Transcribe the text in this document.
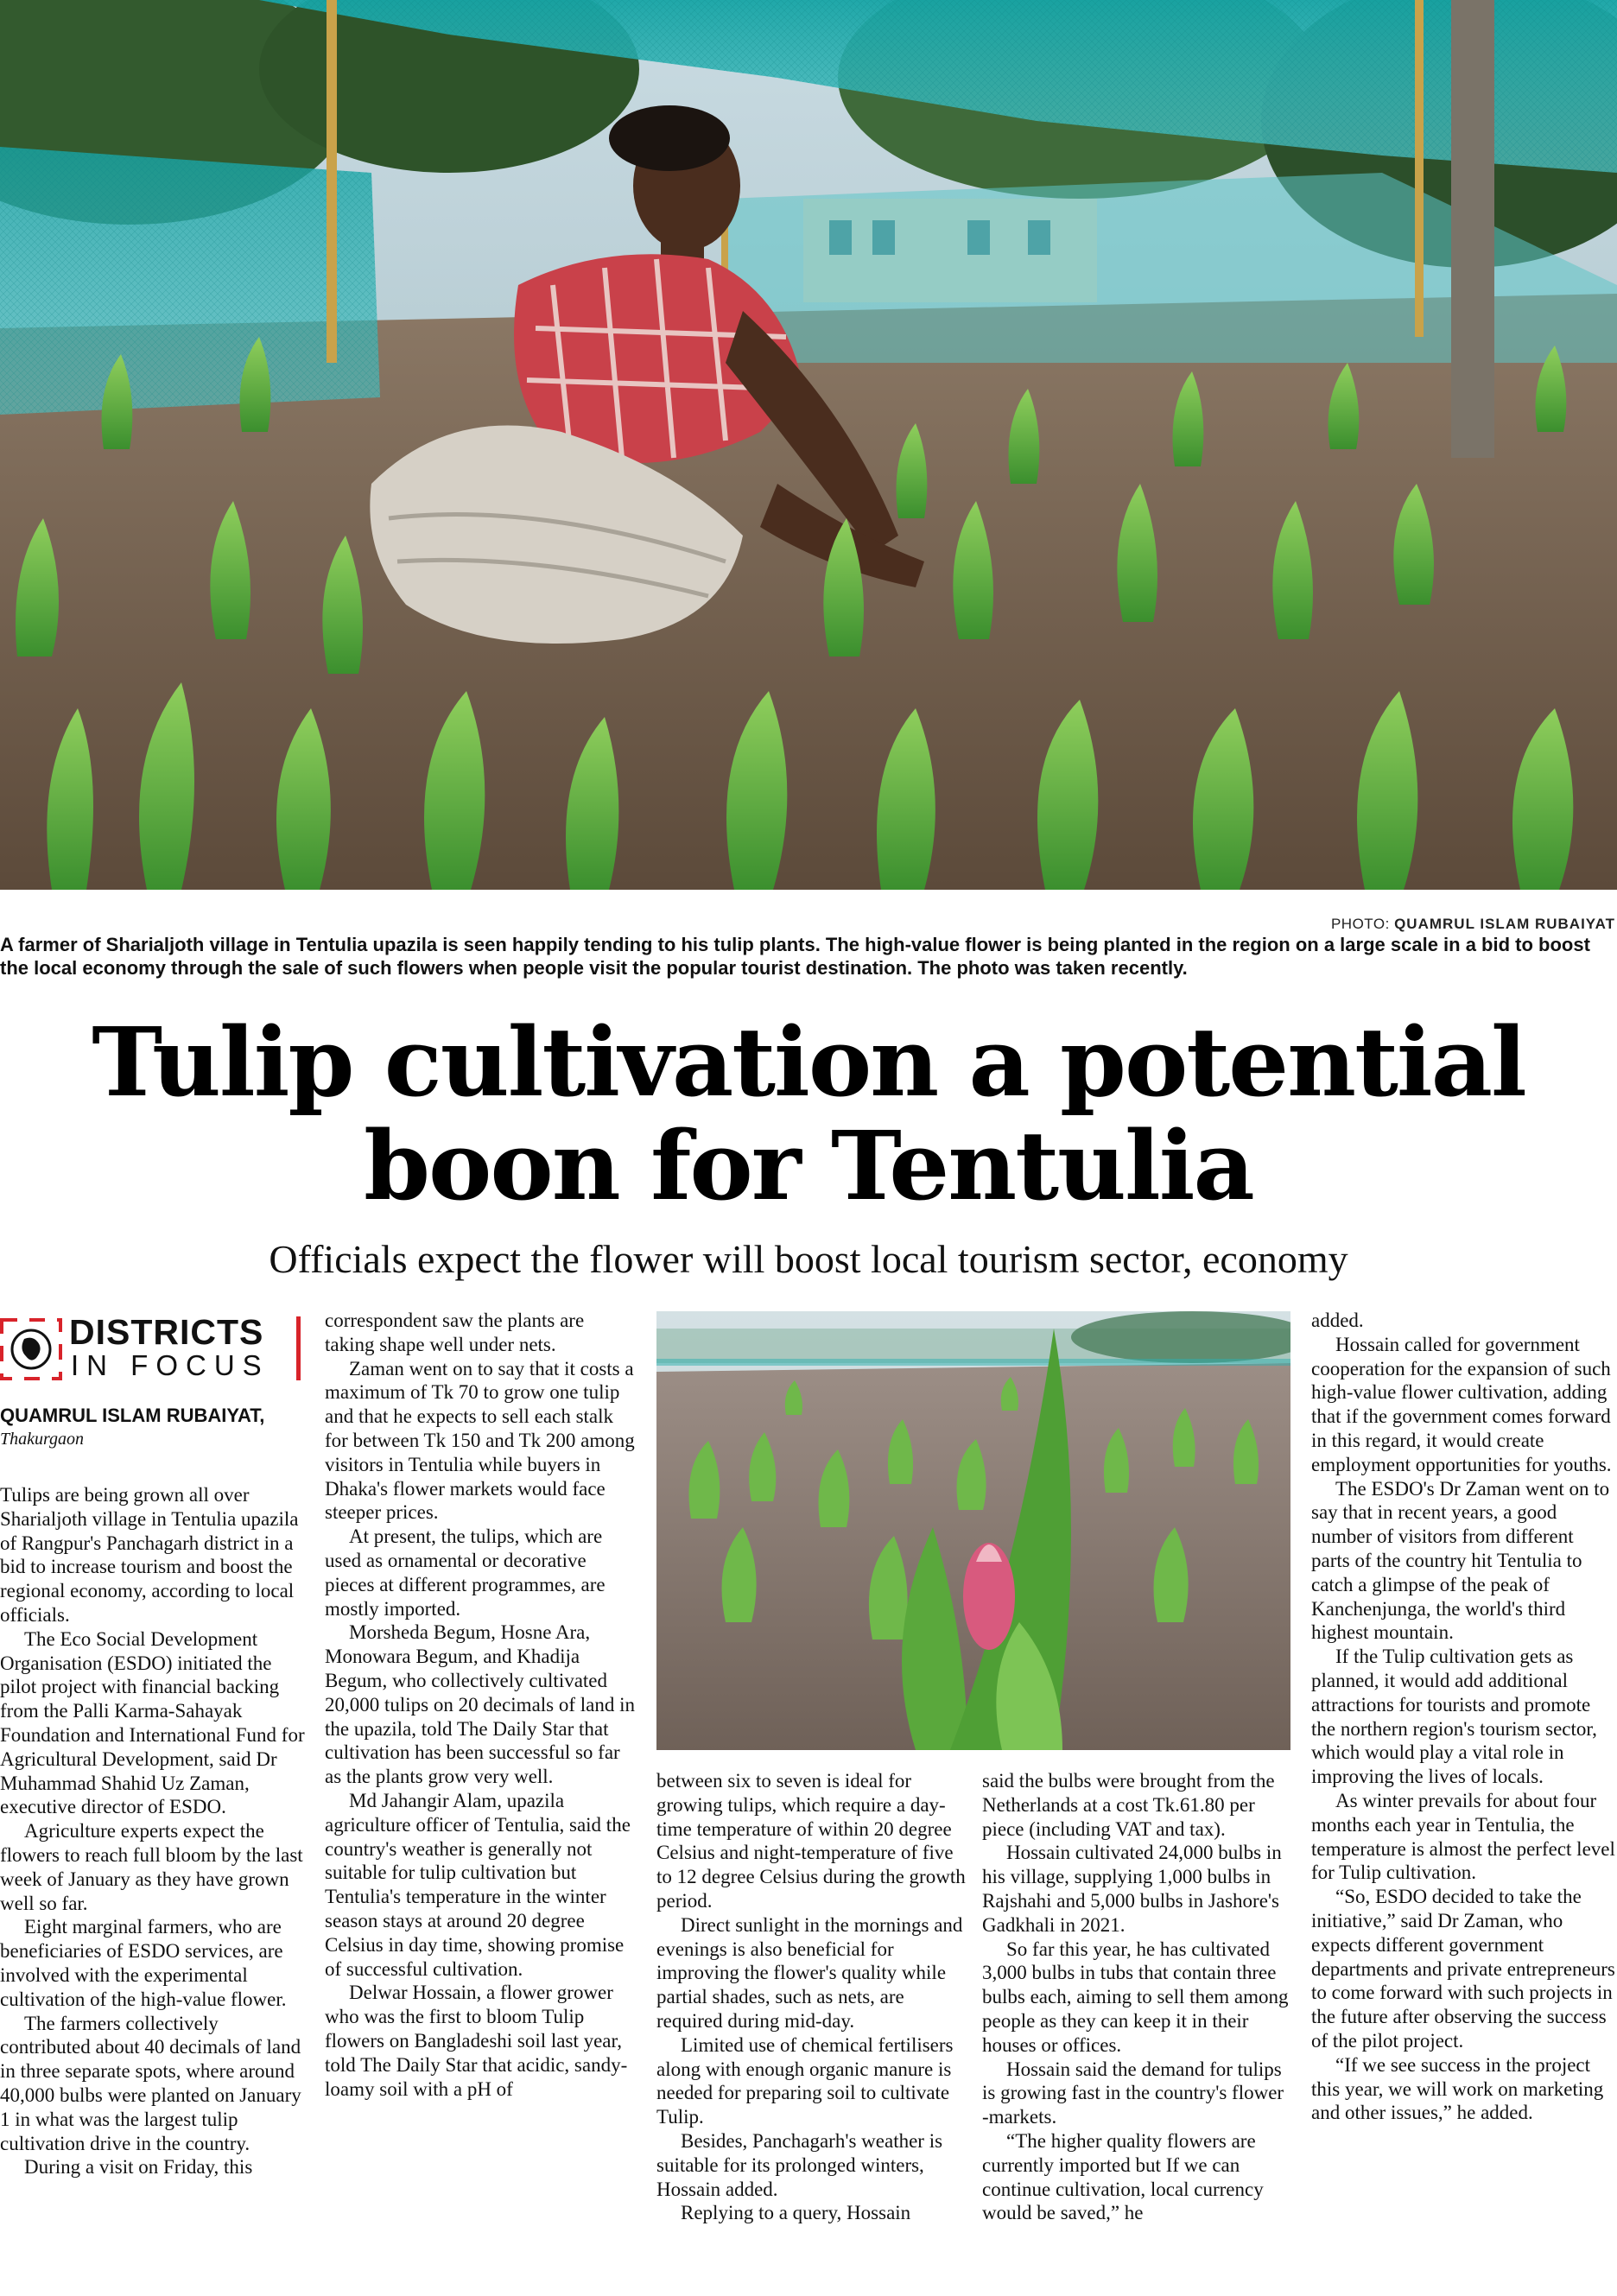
PHOTO: QUAMRUL ISLAM RUBAIYAT
A farmer of Sharialjoth village in Tentulia upazila is seen happily tending to his tulip plants. The high-value flower is being planted in the region on a large scale in a bid to boost the local economy through the sale of such flowers when people visit the popular tourist destination. The photo was taken recently.
Tulip cultivation a potential
boon for Tentulia
Officials expect the flower will boost local tourism sector, economy
DISTRICTS
IN FOCUS
QUAMRUL ISLAM RUBAIYAT,
Thakurgaon

Tulips are being grown all over Sharialjoth village in Tentulia upazila of Rangpur's Panchagarh district in a bid to increase tourism and boost the regional economy, according to local officials.

The Eco Social Development Organisation (ESDO) initiated the pilot project with financial backing from the Palli Karma-Sahayak Foundation and International Fund for Agricultural Development, said Dr Muhammad Shahid Uz Zaman, executive director of ESDO.

Agriculture experts expect the flowers to reach full bloom by the last week of January as they have grown well so far.

Eight marginal farmers, who are beneficiaries of ESDO services, are involved with the experimental cultivation of the high-value flower.

The farmers collectively contributed about 40 decimals of land in three separate spots, where around 40,000 bulbs were planted on January 1 in what was the largest tulip cultivation drive in the country.

During a visit on Friday, this

correspondent saw the plants are taking shape well under nets.

Zaman went on to say that it costs a maximum of Tk 70 to grow one tulip and that he expects to sell each stalk for between Tk 150 and Tk 200 among visitors in Tentulia while buyers in Dhaka's flower markets would face steeper prices.

At present, the tulips, which are used as ornamental or decorative pieces at different programmes, are mostly imported.

Morsheda Begum, Hosne Ara, Monowara Begum, and Khadija Begum, who collectively cultivated 20,000 tulips on 20 decimals of land in the upazila, told The Daily Star that cultivation has been successful so far as the plants grow very well.

Md Jahangir Alam, upazila agriculture officer of Tentulia, said the country's weather is generally not suitable for tulip cultivation but Tentulia's temperature in the winter season stays at around 20 degree Celsius in day time, showing promise of successful cultivation.

Delwar Hossain, a flower grower who was the first to bloom Tulip flowers on Bangladeshi soil last year, told The Daily Star that acidic, sandy-loamy soil with a pH of

between six to seven is ideal for growing tulips, which require a day-time temperature of within 20 degree Celsius and night-temperature of five to 12 degree Celsius during the growth period.

Direct sunlight in the mornings and evenings is also beneficial for improving the flower's quality while partial shades, such as nets, are required during mid-day.

Limited use of chemical fertilisers along with enough organic manure is needed for preparing soil to cultivate Tulip.

Besides, Panchagarh's weather is suitable for its prolonged winters, Hossain added.

Replying to a query, Hossain

said the bulbs were brought from the Netherlands at a cost Tk.61.80 per piece (including VAT and tax).

Hossain cultivated 24,000 bulbs in his village, supplying 1,000 bulbs in Rajshahi and 5,000 bulbs in Jashore's Gadkhali in 2021.

So far this year, he has cultivated 3,000 bulbs in tubs that contain three bulbs each, aiming to sell them among people as they can keep it in their houses or offices.

Hossain said the demand for tulips is growing fast in the country's flower -markets.

“The higher quality flowers are currently imported but If we can continue cultivation, local currency would be saved,” he

added.

Hossain called for government cooperation for the expansion of such high-value flower cultivation, adding that if the government comes forward in this regard, it would create employment opportunities for youths.

The ESDO's Dr Zaman went on to say that in recent years, a good number of visitors from different parts of the country hit Tentulia to catch a glimpse of the peak of Kanchenjunga, the world's third highest mountain.

If the Tulip cultivation gets as planned, it would add additional attractions for tourists and promote the northern region's tourism sector, which would play a vital role in improving the lives of locals.

As winter prevails for about four months each year in Tentulia, the temperature is almost the perfect level for Tulip cultivation.

“So, ESDO decided to take the initiative,” said Dr Zaman, who expects different government departments and private entrepreneurs to come forward with such projects in the future after observing the success of the pilot project.

“If we see success in the project this year, we will work on marketing and other issues,” he added.
